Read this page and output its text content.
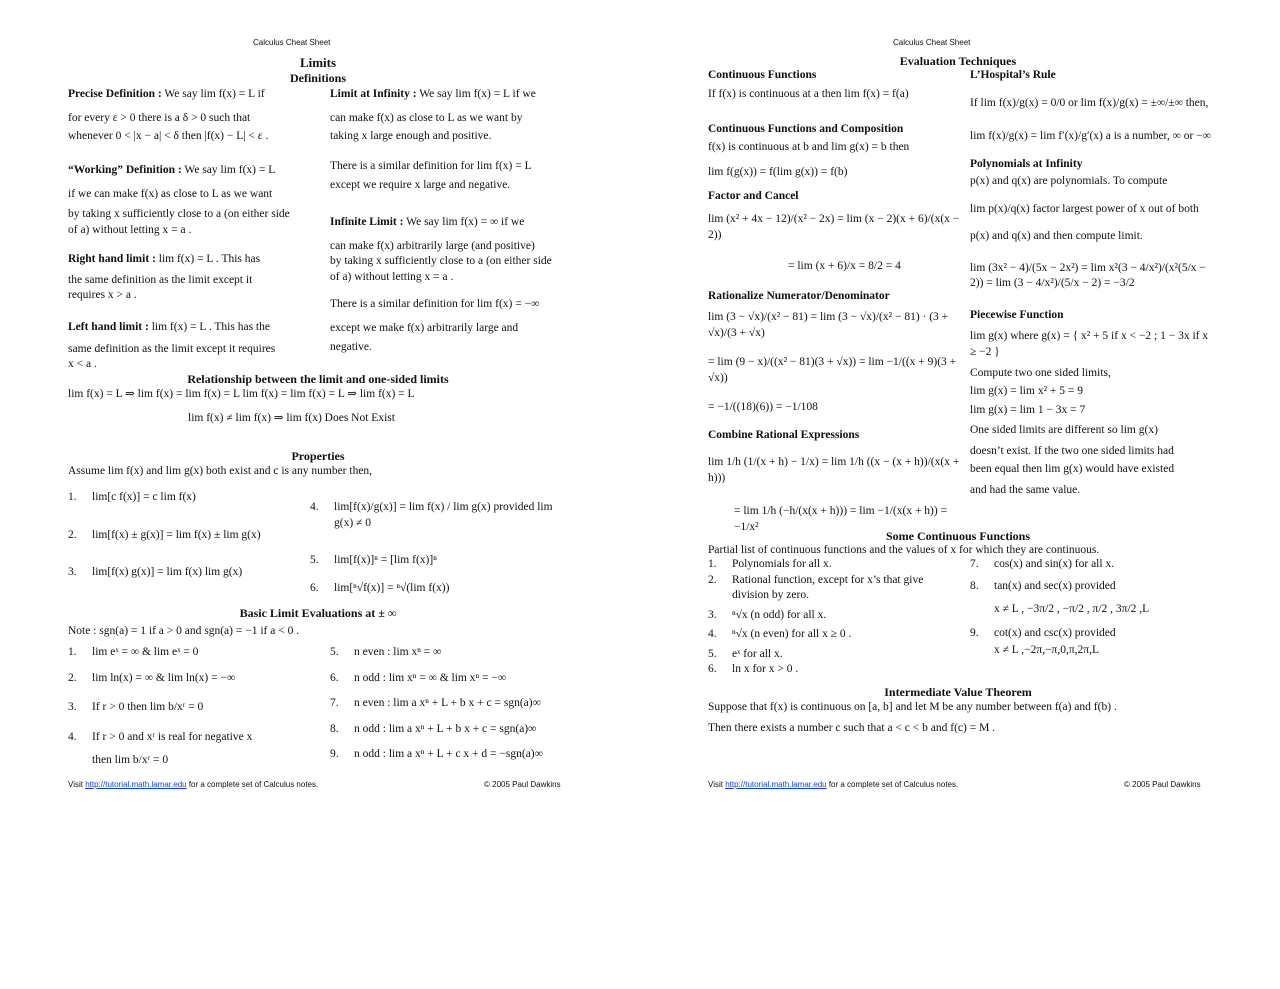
Calculus Cheat Sheet
Limits
Definitions

Precise Definition : We say lim f(x) = L if

for every ε > 0 there is a δ > 0 such that

whenever 0 < |x − a| < δ then |f(x) − L| < ε .

“Working” Definition : We say lim f(x) = L

if we can make f(x) as close to L as we want

by taking x sufficiently close to a (on either side

of a) without letting x = a .

Right hand limit : lim f(x) = L . This has

the same definition as the limit except it

requires x > a .

Left hand limit : lim f(x) = L . This has the

same definition as the limit except it requires

x < a .

Limit at Infinity : We say lim f(x) = L if we

can make f(x) as close to L as we want by

taking x large enough and positive.

There is a similar definition for lim f(x) = L

except we require x large and negative.

Infinite Limit : We say lim f(x) = ∞ if we

can make f(x) arbitrarily large (and positive)

by taking x sufficiently close to a (on either side

of a) without letting x = a .

There is a similar definition for lim f(x) = −∞

except we make f(x) arbitrarily large and

negative.

Relationship between the limit and one-sided limits
lim f(x) = L ⇒ lim f(x) = lim f(x) = L lim f(x) = lim f(x) = L ⇒ lim f(x) = L
lim f(x) ≠ lim f(x) ⇒ lim f(x) Does Not Exist
Properties
Assume lim f(x) and lim g(x) both exist and c is any number then,
1.	lim[c f(x)] = c lim f(x)
2.	lim[f(x) ± g(x)] = lim f(x) ± lim g(x)
3.	lim[f(x) g(x)] = lim f(x) lim g(x)
4.	lim[f(x)/g(x)] = lim f(x) / lim g(x) provided lim g(x) ≠ 0
5.	lim[f(x)]ⁿ = [lim f(x)]ⁿ
6.	lim[ⁿ√f(x)] = ⁿ√(lim f(x))
Basic Limit Evaluations at ± ∞
Note : sgn(a) = 1 if a > 0 and sgn(a) = −1 if a < 0 .
1.	lim eˣ = ∞ & lim eˣ = 0
2.	lim ln(x) = ∞ & lim ln(x) = −∞
3.	If r > 0 then lim b/xʳ = 0
4.	If r > 0 and xʳ is real for negative x
then lim b/xʳ = 0
5.	n even : lim xⁿ = ∞
6.	n odd : lim xⁿ = ∞ & lim xⁿ = −∞
7.	n even : lim a xⁿ + L + b x + c = sgn(a)∞
8.	n odd : lim a xⁿ + L + b x + c = sgn(a)∞
9.	n odd : lim a xⁿ + L + c x + d = −sgn(a)∞
Visit http://tutorial.math.lamar.edu for a complete set of Calculus notes.	© 2005 Paul Dawkins
Calculus Cheat Sheet
Evaluation Techniques

Continuous Functions

If f(x) is continuous at a then lim f(x) = f(a)

Continuous Functions and Composition

f(x) is continuous at b and lim g(x) = b then

lim f(g(x)) = f(lim g(x)) = f(b)

Factor and Cancel

lim (x² + 4x − 12)/(x² − 2x) = lim (x − 2)(x + 6)/(x(x − 2))

= lim (x + 6)/x = 8/2 = 4

Rationalize Numerator/Denominator

lim (3 − √x)/(x² − 81) = lim (3 − √x)/(x² − 81) · (3 + √x)/(3 + √x)

= lim (9 − x)/((x² − 81)(3 + √x)) = lim −1/((x + 9)(3 + √x))

= −1/((18)(6)) = −1/108

Combine Rational Expressions

lim 1/h (1/(x + h) − 1/x) = lim 1/h ((x − (x + h))/(x(x + h)))

= lim 1/h (−h/(x(x + h))) = lim −1/(x(x + h)) = −1/x²

L’Hospital’s Rule

If lim f(x)/g(x) = 0/0 or lim f(x)/g(x) = ±∞/±∞ then,

lim f(x)/g(x) = lim f′(x)/g′(x) a is a number, ∞ or −∞

Polynomials at Infinity

p(x) and q(x) are polynomials. To compute

lim p(x)/q(x) factor largest power of x out of both

p(x) and q(x) and then compute limit.

lim (3x² − 4)/(5x − 2x²) = lim x²(3 − 4/x²)/(x²(5/x − 2)) = lim (3 − 4/x²)/(5/x − 2) = −3/2

Piecewise Function

lim g(x) where g(x) = { x² + 5 if x < −2 ; 1 − 3x if x ≥ −2 }

Compute two one sided limits,

lim g(x) = lim x² + 5 = 9

lim g(x) = lim 1 − 3x = 7

One sided limits are different so lim g(x)

doesn’t exist. If the two one sided limits had

been equal then lim g(x) would have existed

and had the same value.

Some Continuous Functions
Partial list of continuous functions and the values of x for which they are continuous.
1.	Polynomials for all x.
2.	Rational function, except for x’s that give
division by zero.
3.	ⁿ√x (n odd) for all x.
4.	ⁿ√x (n even) for all x ≥ 0 .
5.	eˣ for all x.
6.	ln x for x > 0 .
7.	cos(x) and sin(x) for all x.
8.	tan(x) and sec(x) provided
x ≠ L , −3π/2 , −π/2 , π/2 , 3π/2 ,L
9.	cot(x) and csc(x) provided
x ≠ L ,−2π,−π,0,π,2π,L
Intermediate Value Theorem
Suppose that f(x) is continuous on [a, b] and let M be any number between f(a) and f(b) .
Then there exists a number c such that a < c < b and f(c) = M .
Visit http://tutorial.math.lamar.edu for a complete set of Calculus notes.	© 2005 Paul Dawkins
